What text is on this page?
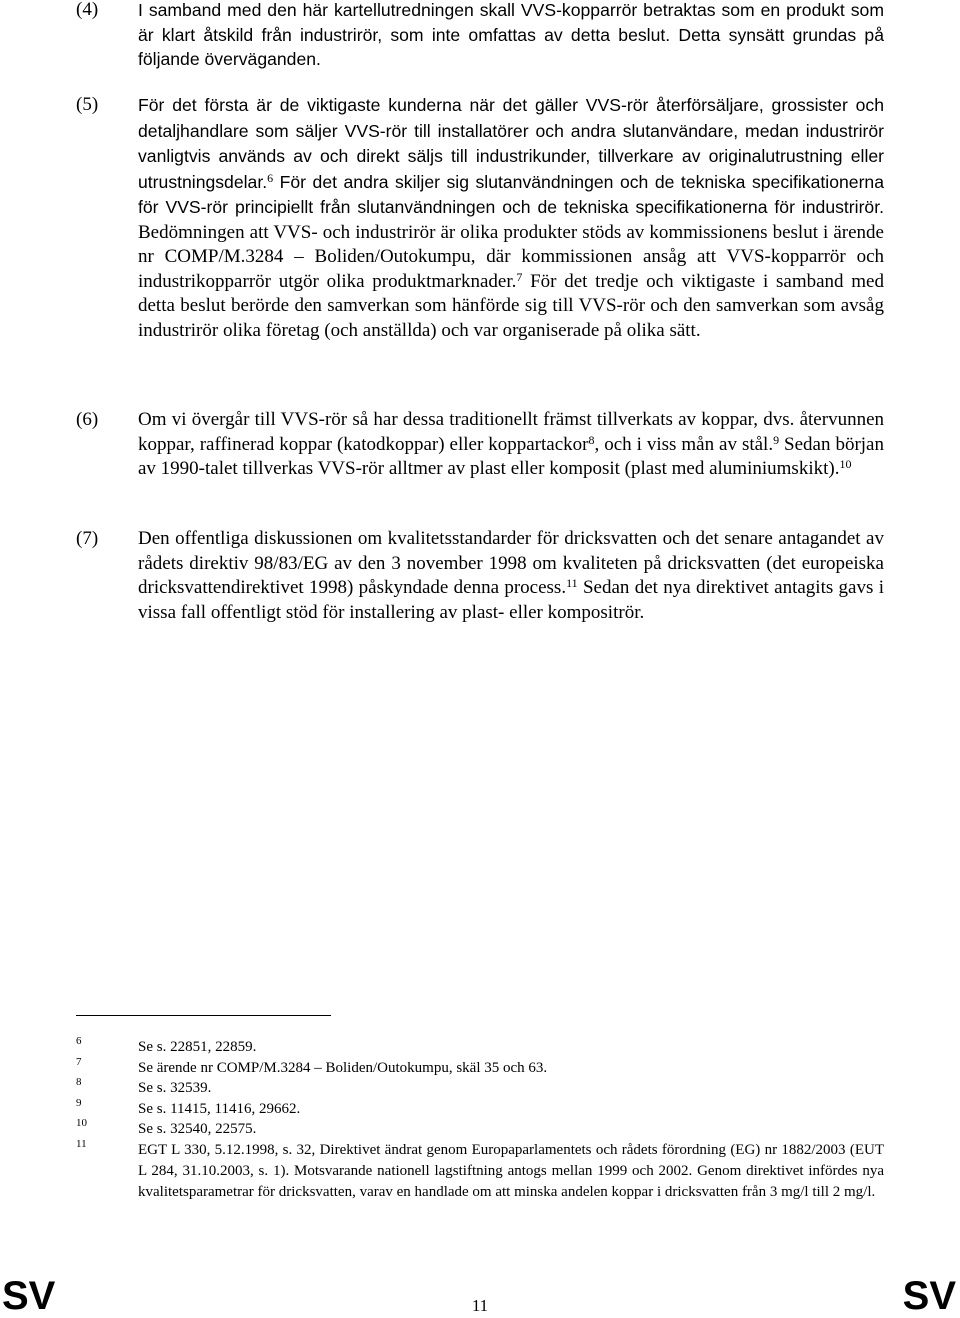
(4) I samband med den här kartellutredningen skall VVS-kopparrör betraktas som en produkt som är klart åtskild från industrirör, som inte omfattas av detta beslut. Detta synsätt grundas på följande överväganden.
(5) För det första är de viktigaste kunderna när det gäller VVS-rör återförsäljare, grossister och detaljhandlare som säljer VVS-rör till installatörer och andra slutanvändare, medan industrirör vanligtvis används av och direkt säljs till industrikunder, tillverkare av originalutrustning eller utrustningsdelar.$^6$ För det andra skiljer sig slutanvändningen och de tekniska specifikationerna för VVS-rör principiellt från slutanvändningen och de tekniska specifikationerna för industrirör. Bedömningen att VVS- och industrirör är olika produkter stöds av kommissionens beslut i ärende nr COMP/M.3284 – Boliden/Outokumpu, där kommissionen ansåg att VVS-kopparrör och industrikopparrör utgör olika produktmarknader.$^7$ För det tredje och viktigaste i samband med detta beslut berörde den samverkan som hänförde sig till VVS-rör och den samverkan som avsåg industrirör olika företag (och anställda) och var organiserade på olika sätt.
(6) Om vi övergår till VVS-rör så har dessa traditionellt främst tillverkats av koppar, dvs. återvunnen koppar, raffinerad koppar (katodkoppar) eller koppartackor$^8$, och i viss mån av stål.$^9$ Sedan början av 1990-talet tillverkas VVS-rör alltmer av plast eller komposit (plast med aluminiumskikt).$^{10}$
(7) Den offentliga diskussionen om kvalitetsstandarder för dricksvatten och det senare antagandet av rådets direktiv 98/83/EG av den 3 november 1998 om kvaliteten på dricksvatten (det europeiska dricksvattendirektivet 1998) påskyndade denna process.$^{11}$ Sedan det nya direktivet antagits gavs i vissa fall offentligt stöd för installering av plast- eller kompositrör.
6	Se s. 22851, 22859.
7	Se ärende nr COMP/M.3284 – Boliden/Outokumpu, skäl 35 och 63.
8	Se s. 32539.
9	Se s. 11415, 11416, 29662.
10	Se s. 32540, 22575.
11	EGT L 330, 5.12.1998, s. 32, Direktivet ändrat genom Europaparlamentets och rådets förordning (EG) nr 1882/2003 (EUT L 284, 31.10.2003, s. 1). Motsvarande nationell lagstiftning antogs mellan 1999 och 2002. Genom direktivet infördes nya kvalitetsparametrar för dricksvatten, varav en handlade om att minska andelen koppar i dricksvatten från 3 mg/l till 2 mg/l.
SV	11	SV
